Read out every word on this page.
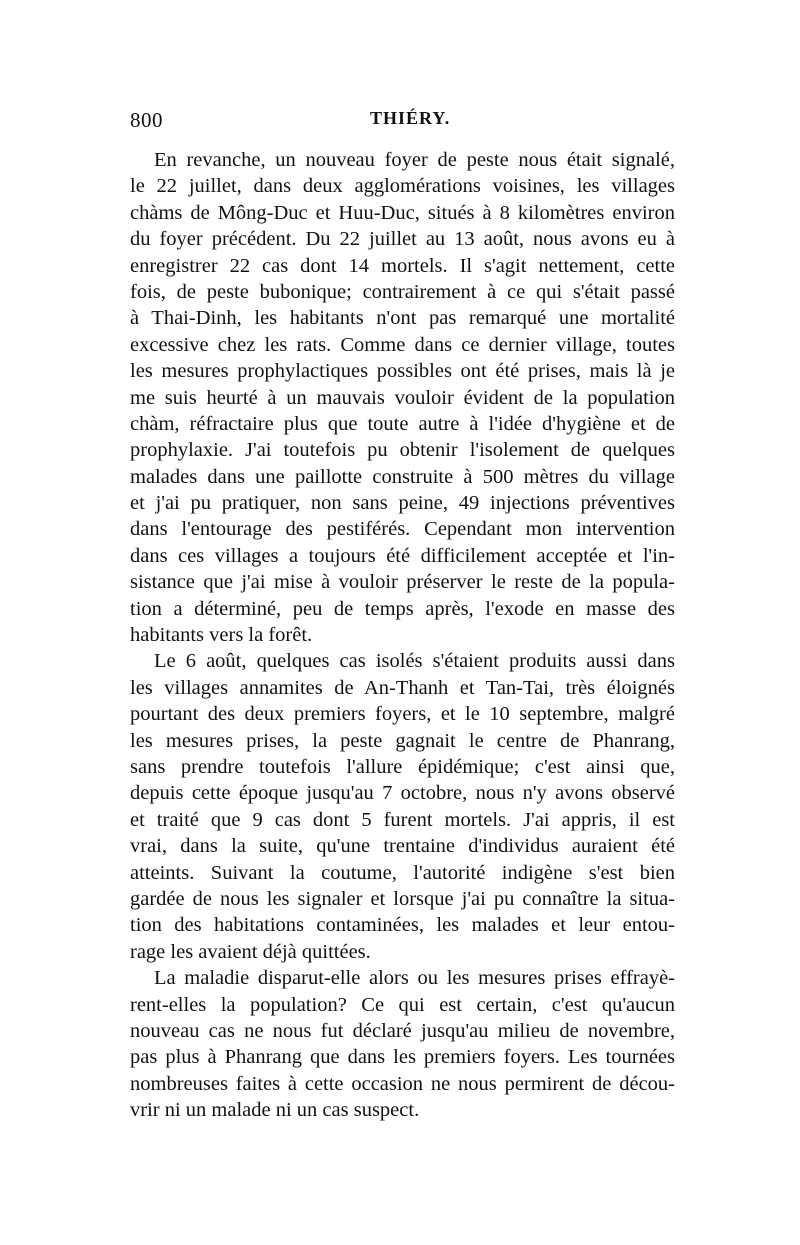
800	THIÉRY.
En revanche, un nouveau foyer de peste nous était signalé,
le 22 juillet, dans deux agglomérations voisines, les villages
chàms de Mông-Duc et Huu-Duc, situés à 8 kilomètres environ
du foyer précédent. Du 22 juillet au 13 août, nous avons eu à
enregistrer 22 cas dont 14 mortels. Il s'agit nettement, cette
fois, de peste bubonique; contrairement à ce qui s'était passé
à Thai-Dinh, les habitants n'ont pas remarqué une mortalité
excessive chez les rats. Comme dans ce dernier village, toutes
les mesures prophylactiques possibles ont été prises, mais là je
me suis heurté à un mauvais vouloir évident de la population
chàm, réfractaire plus que toute autre à l'idée d'hygiène et de
prophylaxie. J'ai toutefois pu obtenir l'isolement de quelques
malades dans une paillotte construite à 500 mètres du village
et j'ai pu pratiquer, non sans peine, 49 injections préventives
dans l'entourage des pestiférés. Cependant mon intervention
dans ces villages a toujours été difficilement acceptée et l'in-
sistance que j'ai mise à vouloir préserver le reste de la popula-
tion a déterminé, peu de temps après, l'exode en masse des
habitants vers la forêt.
Le 6 août, quelques cas isolés s'étaient produits aussi dans
les villages annamites de An-Thanh et Tan-Tai, très éloignés
pourtant des deux premiers foyers, et le 10 septembre, malgré
les mesures prises, la peste gagnait le centre de Phanrang,
sans prendre toutefois l'allure épidémique; c'est ainsi que,
depuis cette époque jusqu'au 7 octobre, nous n'y avons observé
et traité que 9 cas dont 5 furent mortels. J'ai appris, il est
vrai, dans la suite, qu'une trentaine d'individus auraient été
atteints. Suivant la coutume, l'autorité indigène s'est bien
gardée de nous les signaler et lorsque j'ai pu connaître la situa-
tion des habitations contaminées, les malades et leur entou-
rage les avaient déjà quittées.
La maladie disparut-elle alors ou les mesures prises effrayè-
rent-elles la population? Ce qui est certain, c'est qu'aucun
nouveau cas ne nous fut déclaré jusqu'au milieu de novembre,
pas plus à Phanrang que dans les premiers foyers. Les tournées
nombreuses faites à cette occasion ne nous permirent de décou-
vrir ni un malade ni un cas suspect.
